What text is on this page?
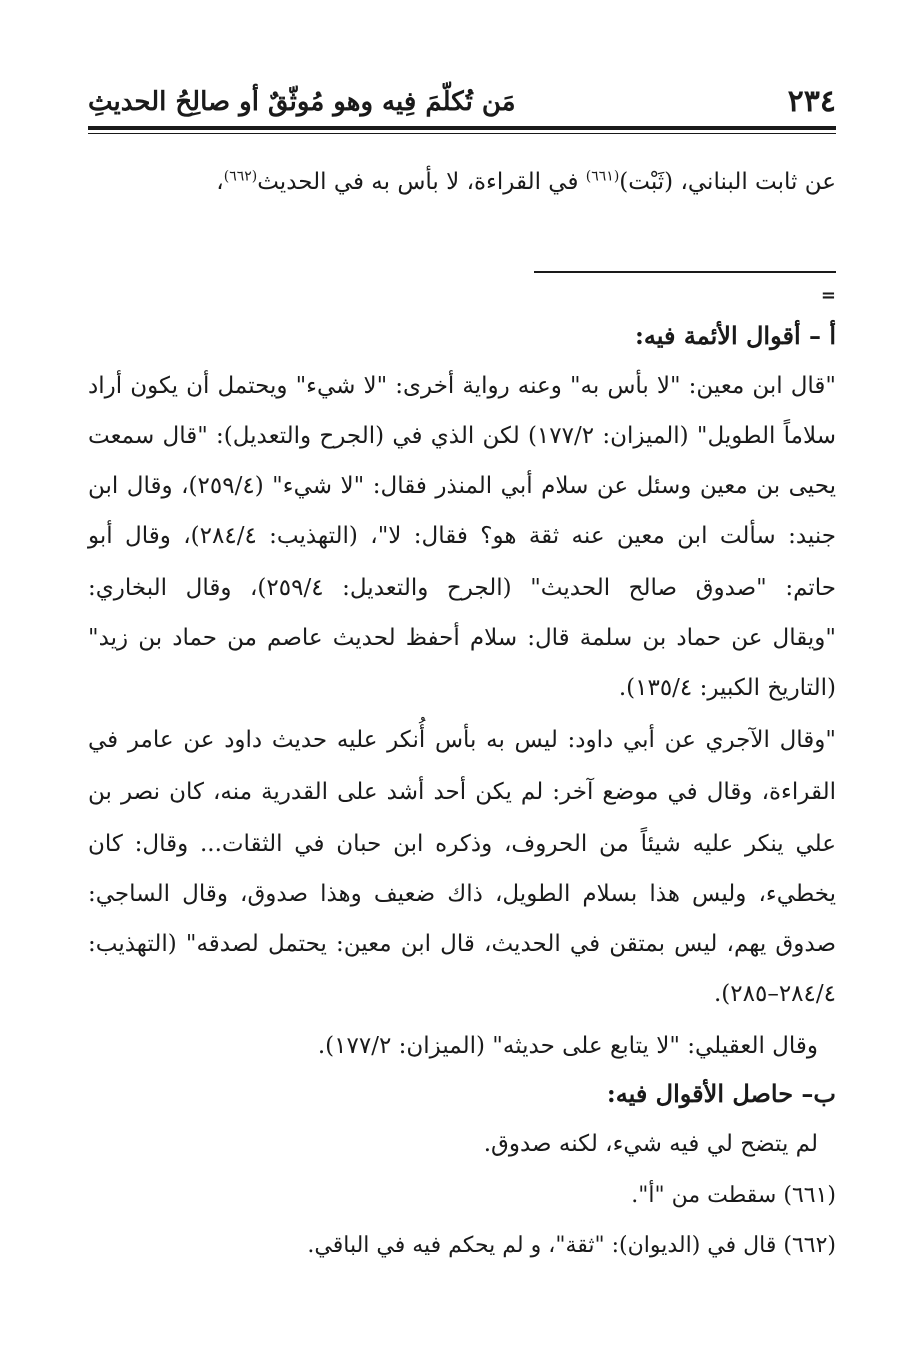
٢٣٤
مَن تُكلّمَ فِيه وهو مُوثّقٌ أو صالِحُ الحديثِ
عن ثابت البناني، (ثَبْت)$^{(٦٦١)}$ في القراءة، لا بأس به في الحديث$^{(٦٦٢)}$،
=
أ – أقوال الأئمة فيه:
"قال ابن معين: "لا بأس به" وعنه رواية أخرى: "لا شيء" ويحتمل أن يكون أراد
سلاماً الطويل" (الميزان: ١٧٧/٢) لكن الذي في (الجرح والتعديل): "قال سمعت
يحيى بن معين وسئل عن سلام أبي المنذر فقال: "لا شيء" (٢٥٩/٤)، وقال ابن
جنيد: سألت ابن معين عنه ثقة هو؟ فقال: لا"، (التهذيب: ٢٨٤/٤)، وقال أبو
حاتم: "صدوق صالح الحديث" (الجرح والتعديل: ٢٥٩/٤)، وقال البخاري:
"ويقال عن حماد بن سلمة قال: سلام أحفظ لحديث عاصم من حماد بن زيد"
(التاريخ الكبير: ١٣٥/٤).
"وقال الآجري عن أبي داود: ليس به بأس أُنكر عليه حديث داود عن عامر في
القراءة، وقال في موضع آخر: لم يكن أحد أشد على القدرية منه، كان نصر بن
علي ينكر عليه شيئاً من الحروف، وذكره ابن حبان في الثقات... وقال: كان
يخطيء، وليس هذا بسلام الطويل، ذاك ضعيف وهذا صدوق، وقال الساجي:
صدوق يهم، ليس بمتقن في الحديث، قال ابن معين: يحتمل لصدقه" (التهذيب:
٢٨٤/٤–٢٨٥).
وقال العقيلي: "لا يتابع على حديثه" (الميزان: ١٧٧/٢).
ب– حاصل الأقوال فيه:
لم يتضح لي فيه شيء، لكنه صدوق.
(٦٦١) سقطت من "أ".
(٦٦٢) قال في (الديوان): "ثقة"، و لم يحكم فيه في الباقي.
